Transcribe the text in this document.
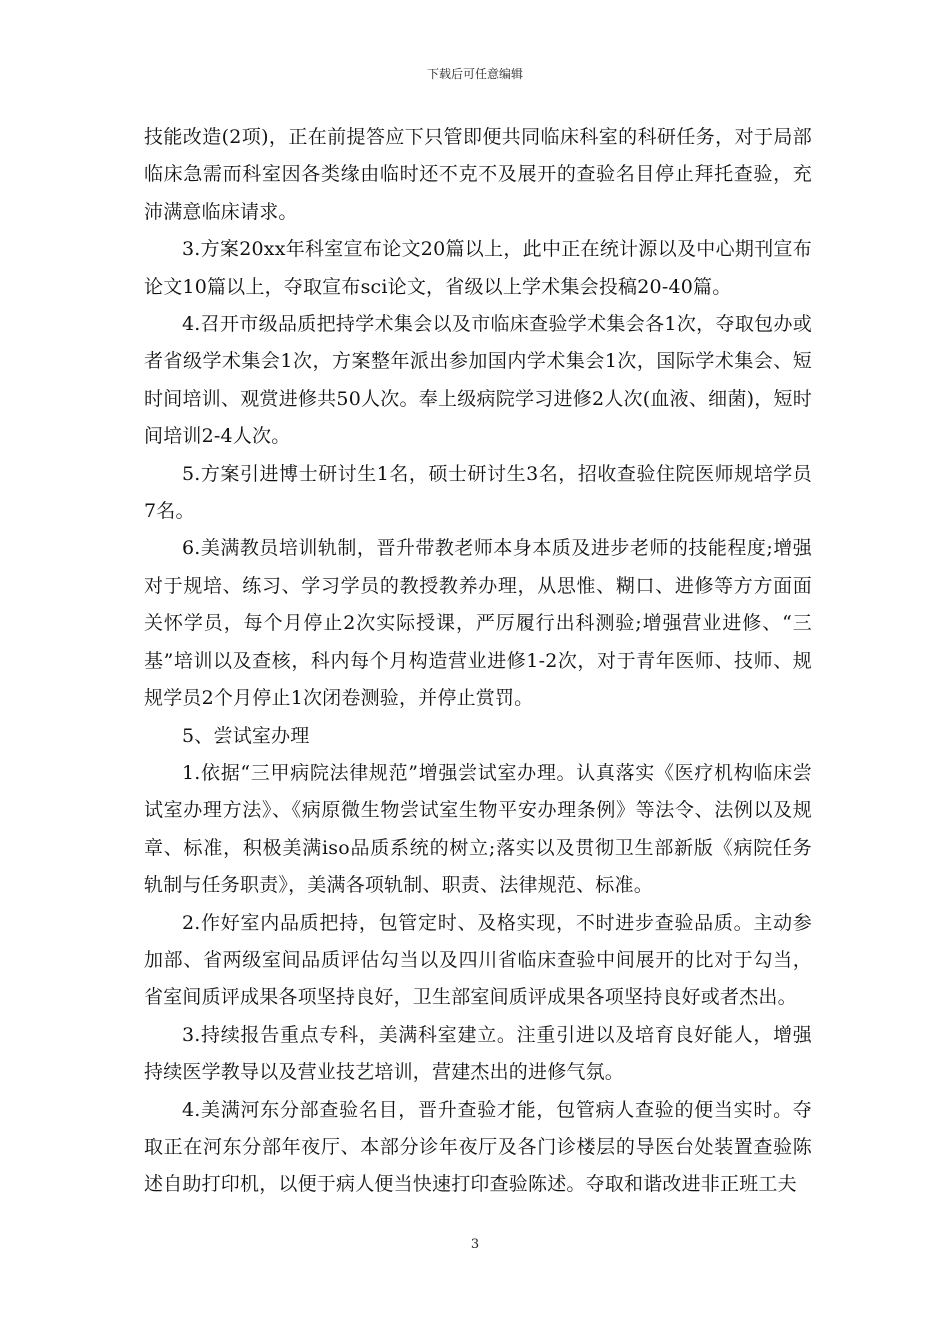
下载后可任意编辑

技能改造(2项)，正在前提答应下只管即便共同临床科室的科研任务，对于局部临床急需而科室因各类缘由临时还不克不及展开的查验名目停止拜托查验，充沛满意临床请求。

3.方案20xx年科室宣布论文20篇以上，此中正在统计源以及中心期刊宣布论文10篇以上，夺取宣布sci论文，省级以上学术集会投稿20-40篇。

4.召开市级品质把持学术集会以及市临床查验学术集会各1次，夺取包办或者省级学术集会1次，方案整年派出参加国内学术集会1次，国际学术集会、短时间培训、观赏进修共50人次。奉上级病院学习进修2人次(血液、细菌)，短时间培训2-4人次。

5.方案引进博士研讨生1名，硕士研讨生3名，招收查验住院医师规培学员7名。

6.美满教员培训轨制，晋升带教老师本身本质及进步老师的技能程度;增强对于规培、练习、学习学员的教授教养办理，从思惟、糊口、进修等方方面面关怀学员，每个月停止2次实际授课，严厉履行出科测验;增强营业进修、“三基”培训以及查核，科内每个月构造营业进修1-2次，对于青年医师、技师、规规学员2个月停止1次闭卷测验，并停止赏罚。

5、尝试室办理

1.依据“三甲病院法律规范”增强尝试室办理。认真落实《医疗机构临床尝试室办理方法》、《病原微生物尝试室生物平安办理条例》等法令、法例以及规章、标准，积极美满iso品质系统的树立;落实以及贯彻卫生部新版《病院任务轨制与任务职责》，美满各项轨制、职责、法律规范、标准。

2.作好室内品质把持，包管定时、及格实现，不时进步查验品质。主动参加部、省两级室间品质评估勾当以及四川省临床查验中间展开的比对于勾当，省室间质评成果各项坚持良好，卫生部室间质评成果各项坚持良好或者杰出。

3.持续报告重点专科，美满科室建立。注重引进以及培育良好能人，增强持续医学教导以及营业技艺培训，营建杰出的进修气氛。

4.美满河东分部查验名目，晋升查验才能，包管病人查验的便当实时。夺取正在河东分部年夜厅、本部分诊年夜厅及各门诊楼层的导医台处装置查验陈述自助打印机，以便于病人便当快速打印查验陈述。夺取和谐改进非正班工夫

3
